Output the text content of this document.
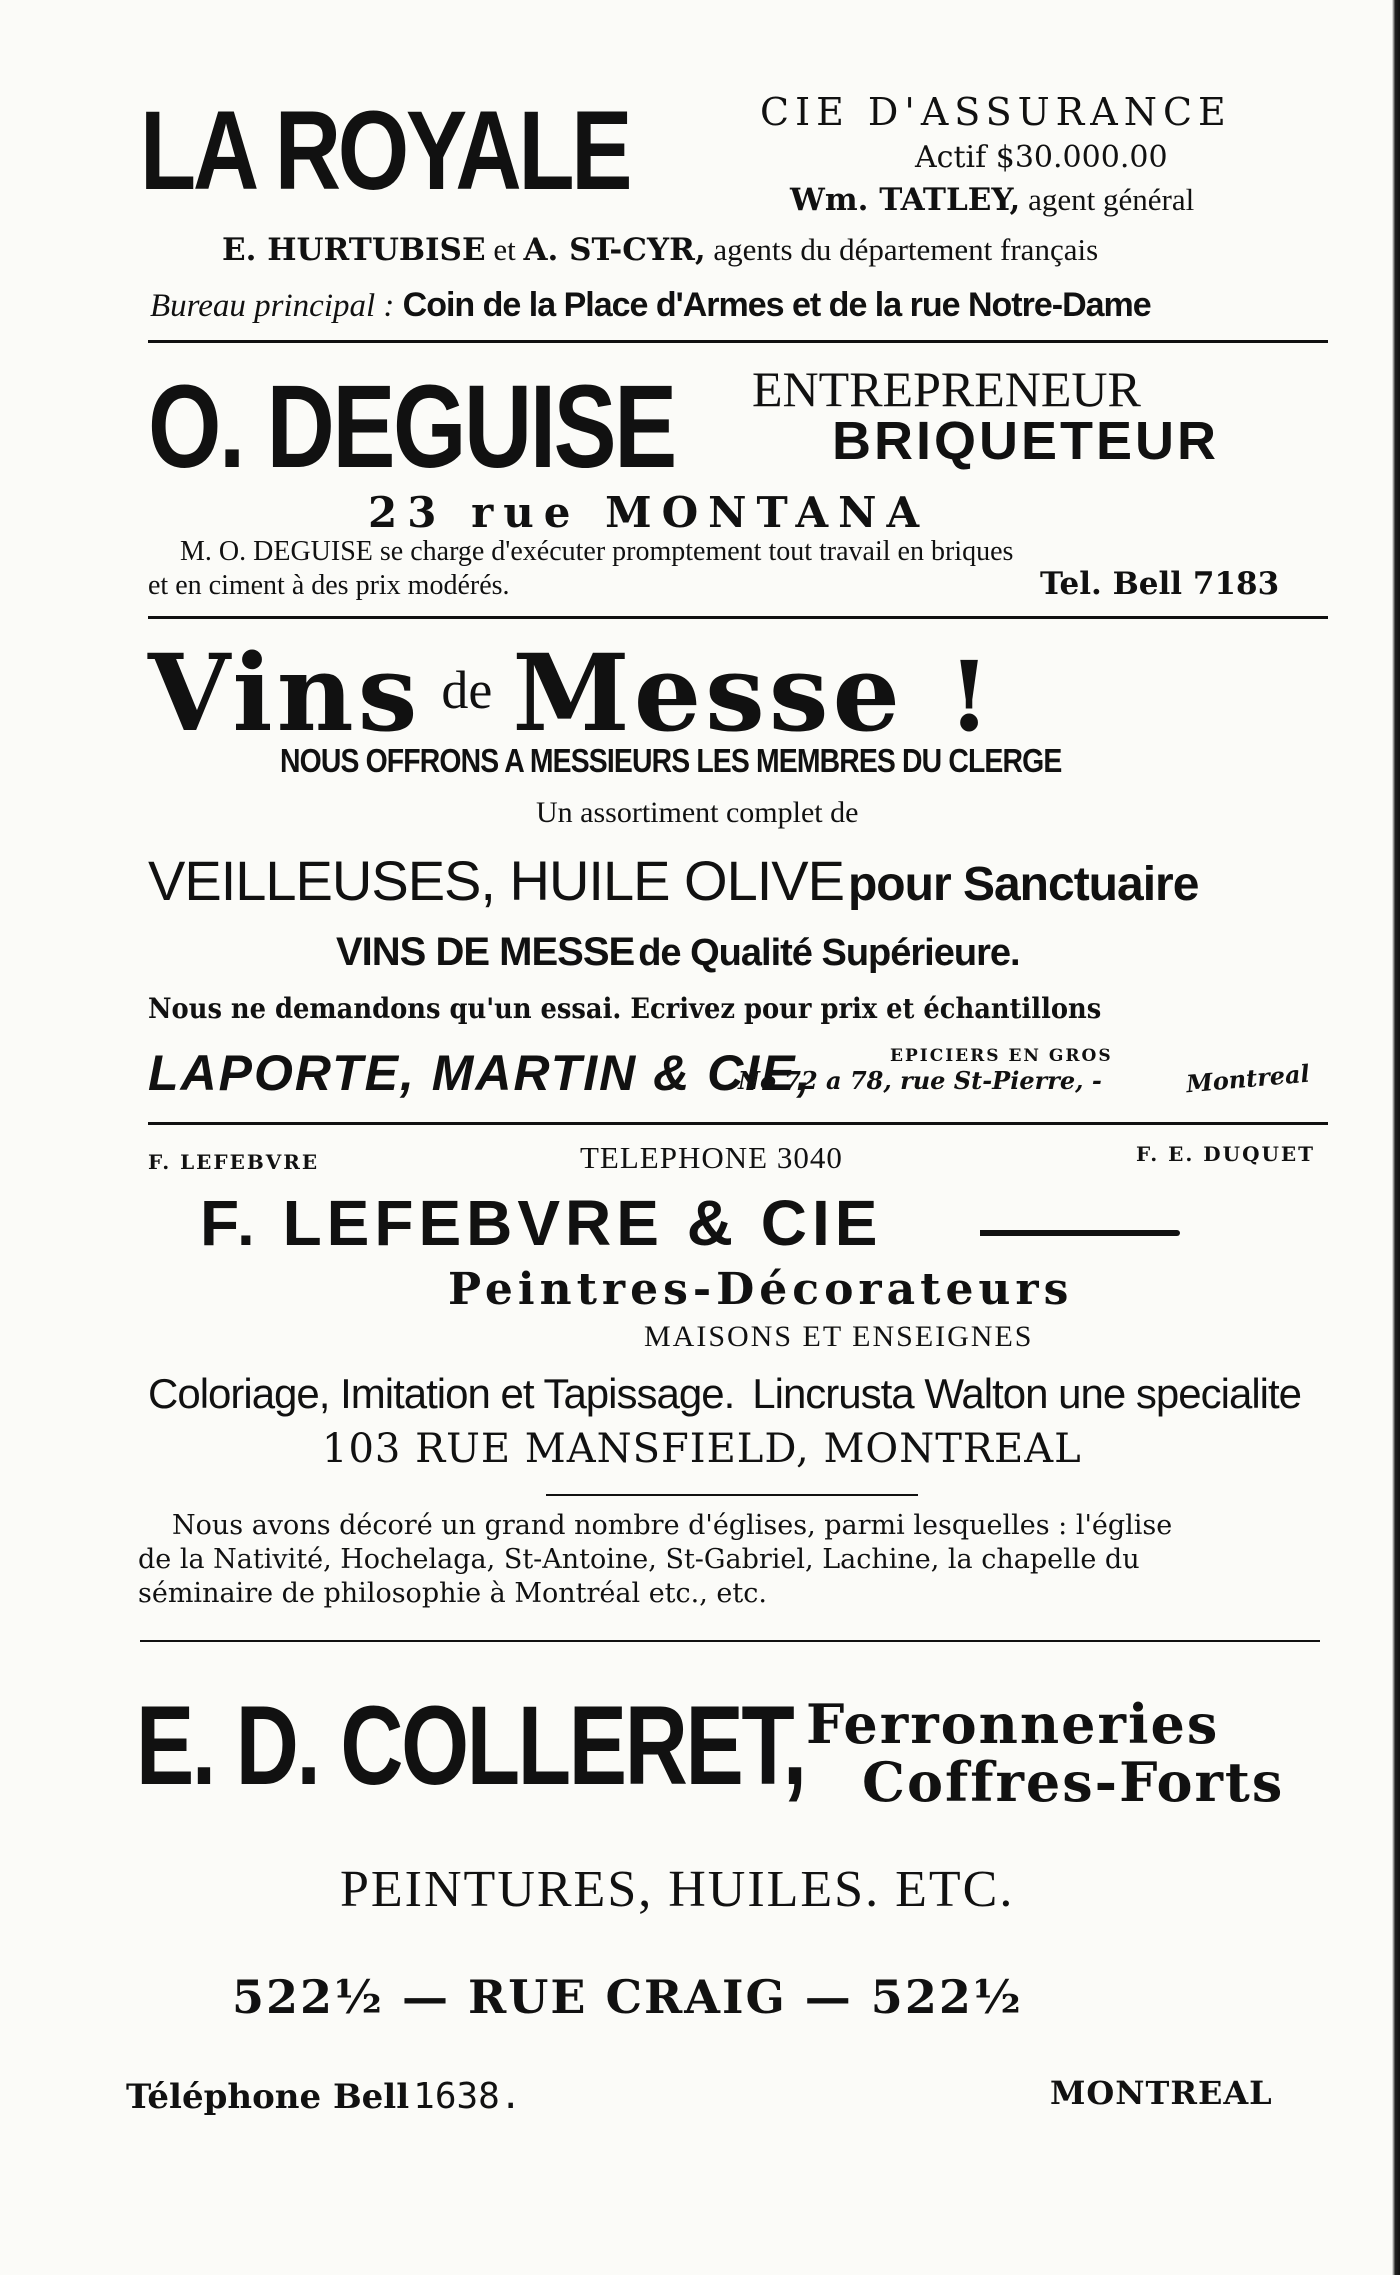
LA ROYALE	CIE D'ASSURANCE
Actif $30.000.00
Wm. TATLEY, agent général
E. HURTUBISE et A. ST-CYR, agents du département français
Bureau principal : Coin de la Place d'Armes et de la rue Notre-Dame
O. DEGUISE ENTREPRENEUR
BRIQUETEUR
23 rue MONTANA
M. O. DEGUISE se charge d'exécuter promptement tout travail en briques
et en ciment à des prix modérés.	Tel. Bell 7183
Vins de Messe !
NOUS OFFRONS A MESSIEURS LES MEMBRES DU CLERGE
Un assortiment complet de
VEILLEUSES, HUILE OLIVE pour Sanctuaire
VINS DE MESSE de Qualité Supérieure.
Nous ne demandons qu'un essai. Ecrivez pour prix et échantillons
LAPORTE, MARTIN & CIE,	EPICIERS EN GROS
No 72 a 78, rue St-Pierre, -	Montreal
F. LEFEBVRE	TELEPHONE 3040	F. E. DUQUET
F. LEFEBVRE & CIE
Peintres-Décorateurs
MAISONS ET ENSEIGNES
Coloriage, Imitation et Tapissage. Lincrusta Walton une specialite
103 RUE MANSFIELD, MONTREAL
Nous avons décoré un grand nombre d'églises, parmi lesquelles : l'église
de la Nativité, Hochelaga, St-Antoine, St-Gabriel, Lachine, la chapelle du
séminaire de philosophie à Montréal etc., etc.
E. D. COLLERET, Ferronneries
Coffres-Forts
PEINTURES, HUILES. ETC.
522½ — RUE CRAIG — 522½
Téléphone Bell 1638.	MONTREAL
